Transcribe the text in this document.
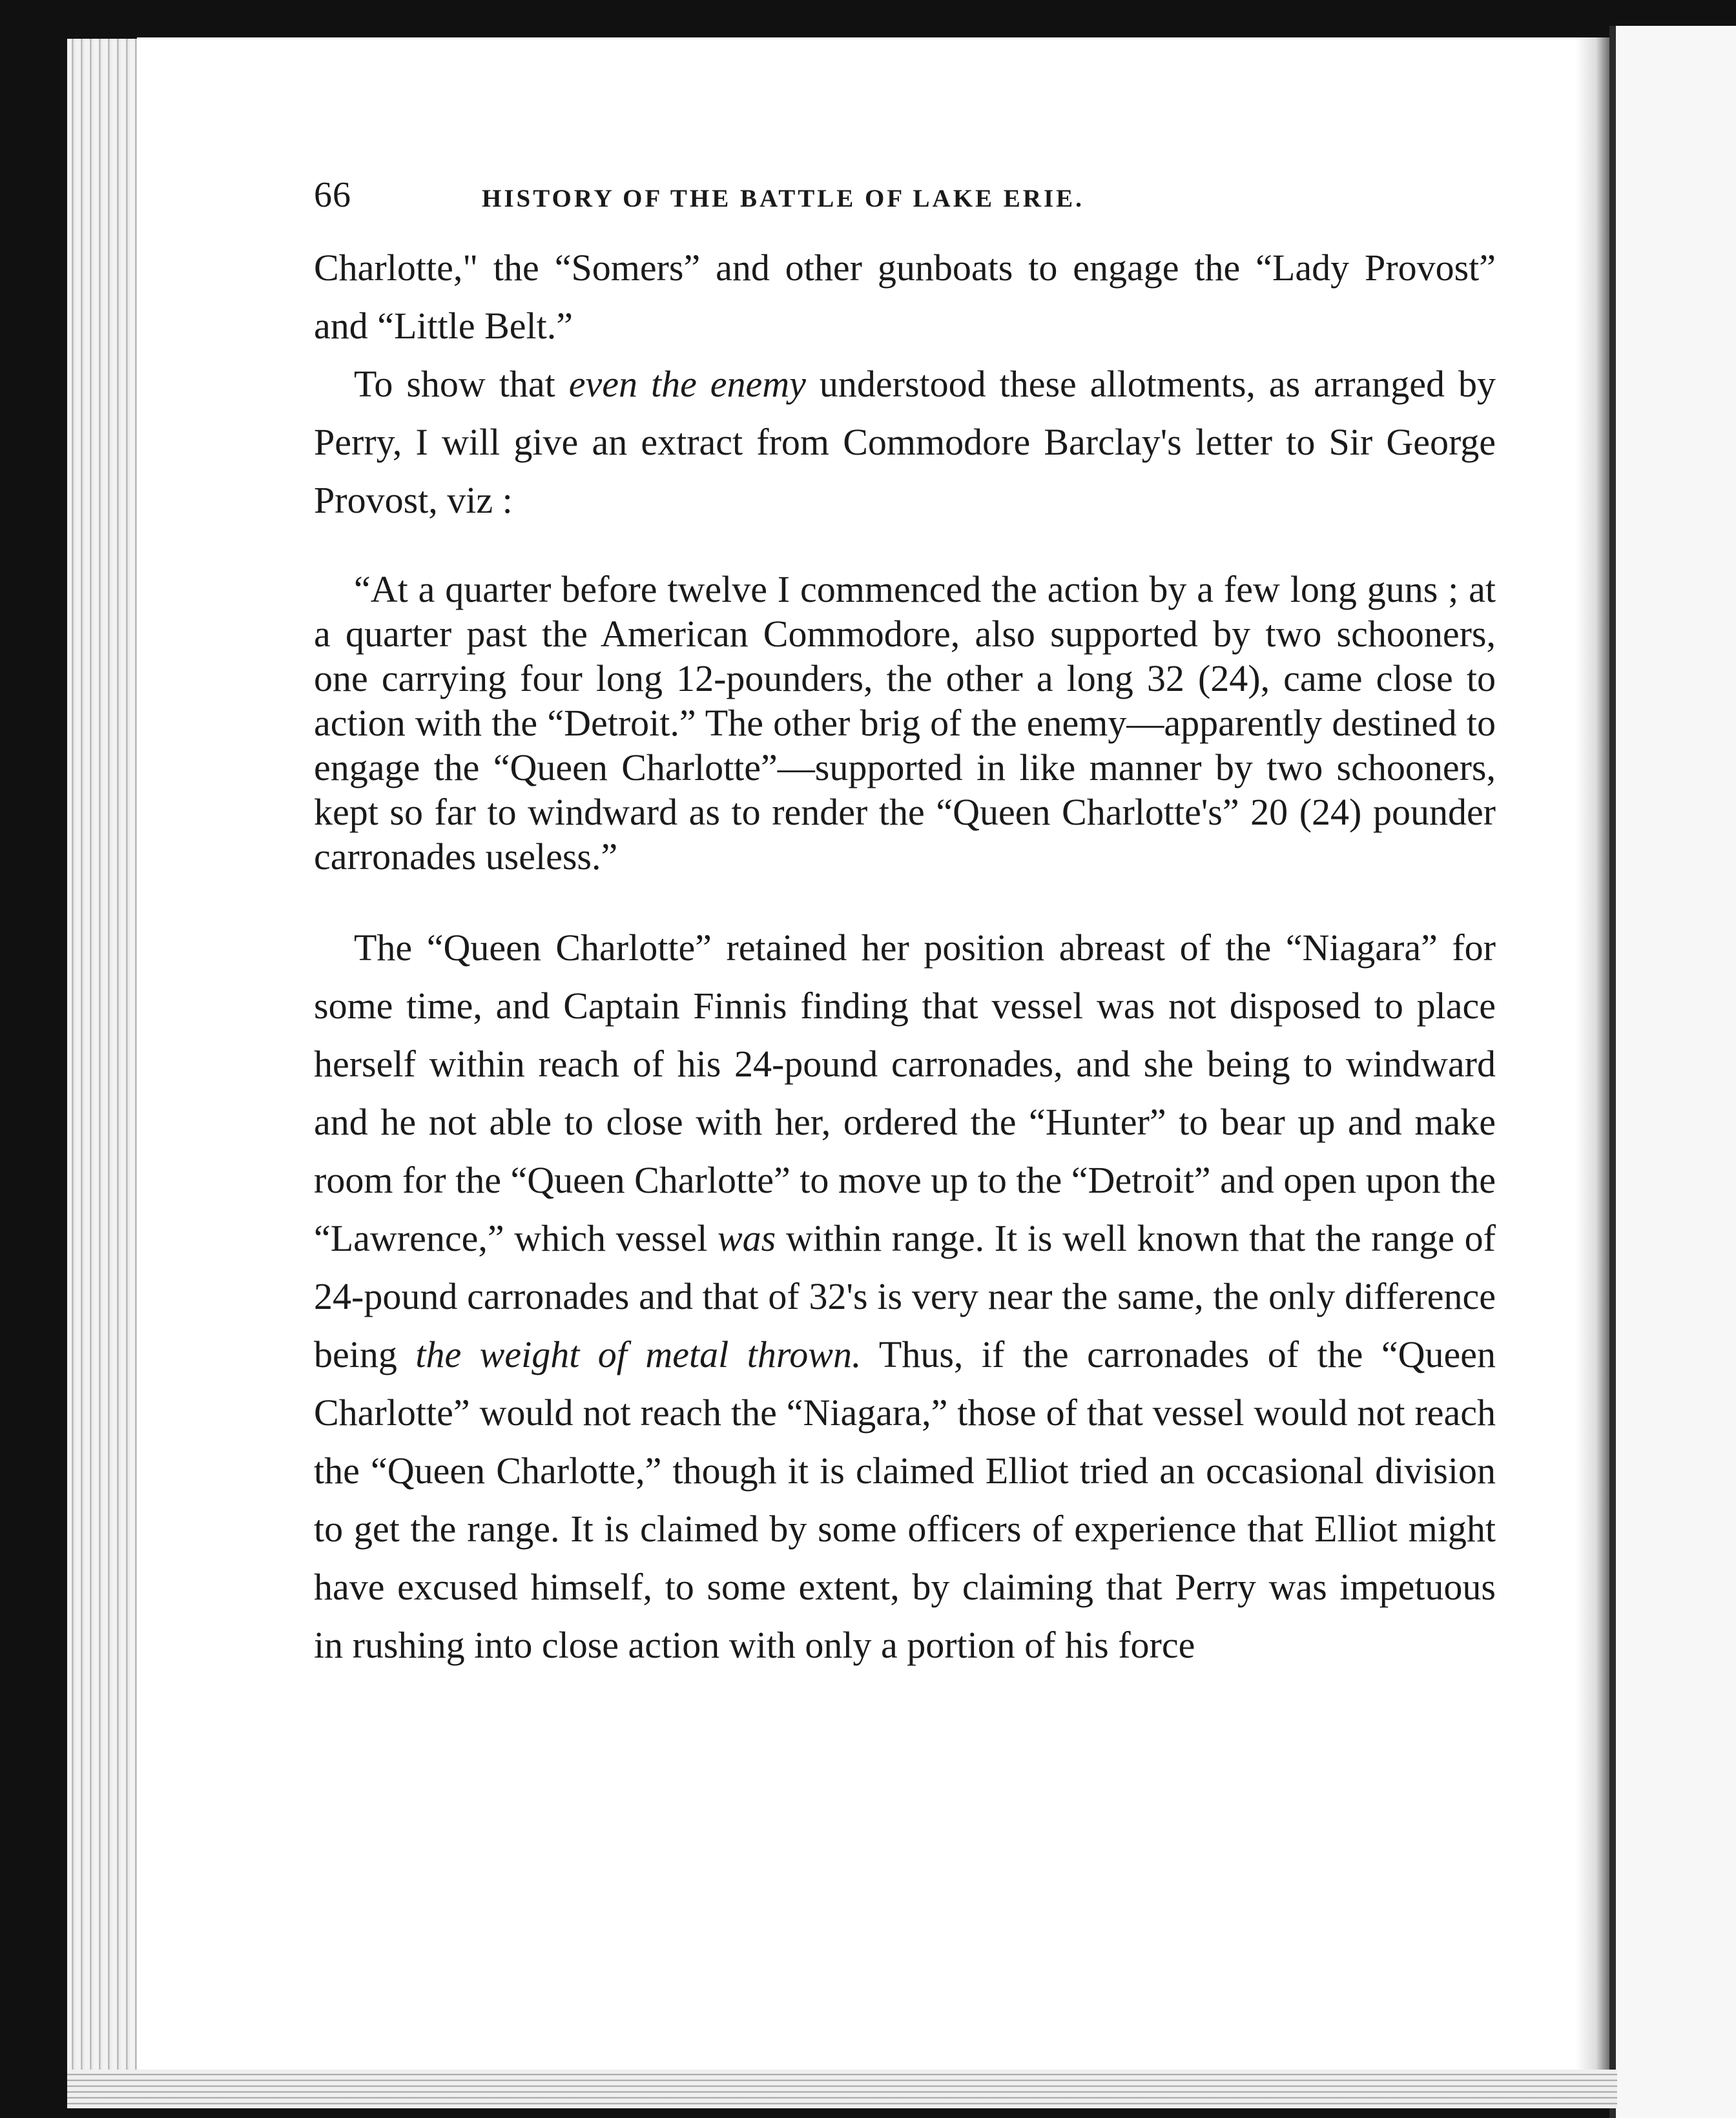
66	HISTORY OF THE BATTLE OF LAKE ERIE.

Charlotte," the “Somers” and other gunboats to engage the “Lady Provost” and “Little Belt.”

To show that even the enemy understood these allotments, as arranged by Perry, I will give an extract from Commodore Barclay's letter to Sir George Provost, viz :

“At a quarter before twelve I commenced the action by a few long guns ; at a quarter past the American Commodore, also supported by two schooners, one carrying four long 12-pounders, the other a long 32 (24), came close to action with the “Detroit.” The other brig of the enemy—apparently destined to engage the “Queen Charlotte”—supported in like manner by two schooners, kept so far to windward as to render the “Queen Charlotte's” 20 (24) pounder carronades useless.”

The “Queen Charlotte” retained her position abreast of the “Niagara” for some time, and Captain Finnis finding that vessel was not disposed to place herself within reach of his 24-pound carronades, and she being to windward and he not able to close with her, ordered the “Hunter” to bear up and make room for the “Queen Charlotte” to move up to the “Detroit” and open upon the “Lawrence,” which vessel was within range. It is well known that the range of 24-pound carronades and that of 32's is very near the same, the only difference being the weight of metal thrown. Thus, if the carronades of the “Queen Charlotte” would not reach the “Niagara,” those of that vessel would not reach the “Queen Charlotte,” though it is claimed Elliot tried an occasional division to get the range. It is claimed by some officers of experience that Elliot might have excused himself, to some extent, by claiming that Perry was impetuous in rushing into close action with only a portion of his force
